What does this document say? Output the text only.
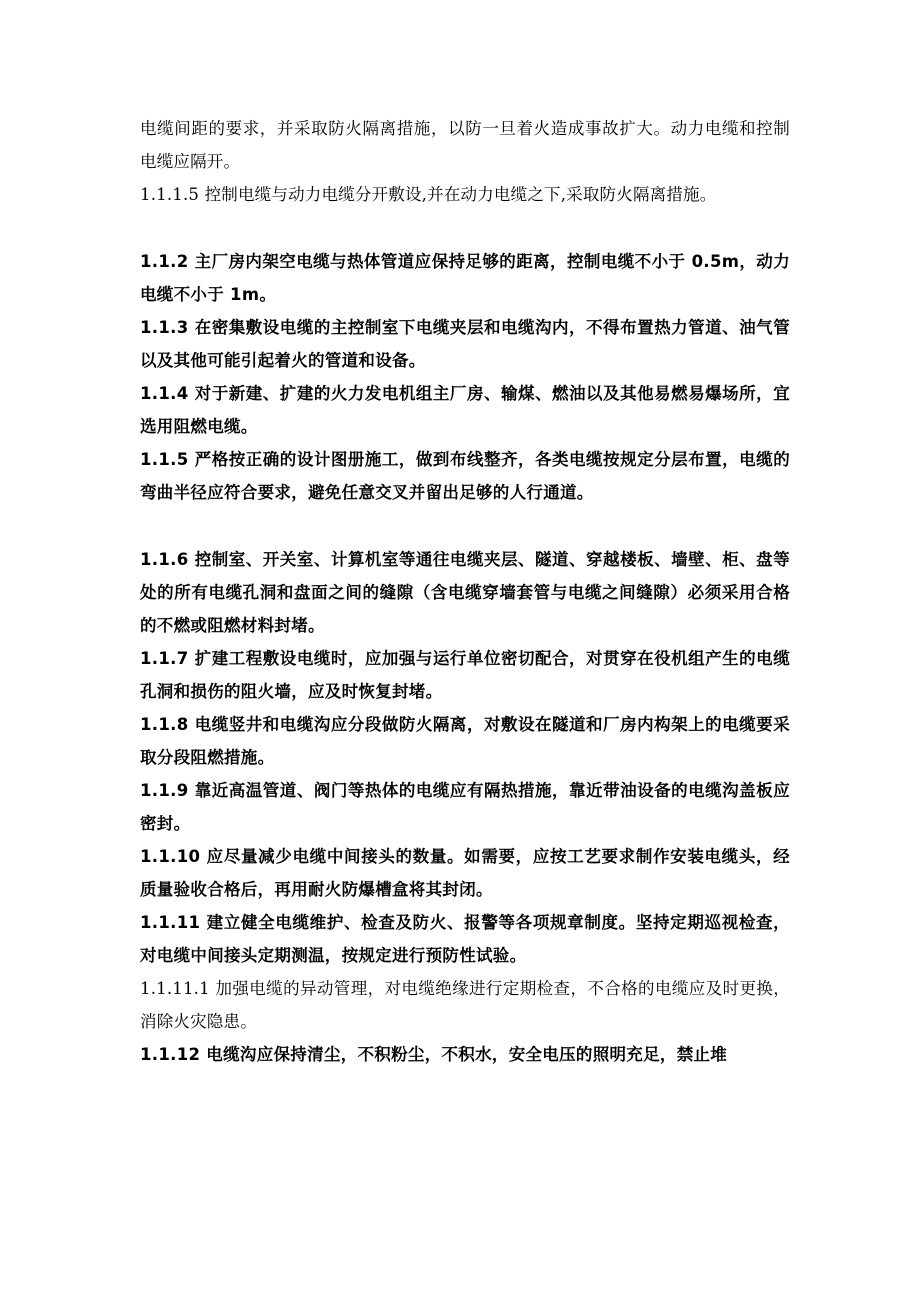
电缆间距的要求，并采取防火隔离措施，以防一旦着火造成事故扩大。动力电缆和控制电缆应隔开。

1.1.1.5 控制电缆与动力电缆分开敷设,并在动力电缆之下,采取防火隔离措施。

1.1.2 主厂房内架空电缆与热体管道应保持足够的距离，控制电缆不小于 0.5m，动力电缆不小于 1m。

1.1.3 在密集敷设电缆的主控制室下电缆夹层和电缆沟内，不得布置热力管道、油气管以及其他可能引起着火的管道和设备。

1.1.4 对于新建、扩建的火力发电机组主厂房、输煤、燃油以及其他易燃易爆场所，宜选用阻燃电缆。

1.1.5 严格按正确的设计图册施工，做到布线整齐，各类电缆按规定分层布置，电缆的弯曲半径应符合要求，避免任意交叉并留出足够的人行通道。

1.1.6 控制室、开关室、计算机室等通往电缆夹层、隧道、穿越楼板、墙壁、柜、盘等处的所有电缆孔洞和盘面之间的缝隙（含电缆穿墙套管与电缆之间缝隙）必须采用合格的不燃或阻燃材料封堵。

1.1.7 扩建工程敷设电缆时，应加强与运行单位密切配合，对贯穿在役机组产生的电缆孔洞和损伤的阻火墙，应及时恢复封堵。

1.1.8 电缆竖井和电缆沟应分段做防火隔离，对敷设在隧道和厂房内构架上的电缆要采取分段阻燃措施。

1.1.9 靠近高温管道、阀门等热体的电缆应有隔热措施，靠近带油设备的电缆沟盖板应密封。

1.1.10 应尽量减少电缆中间接头的数量。如需要，应按工艺要求制作安装电缆头，经质量验收合格后，再用耐火防爆槽盒将其封闭。

1.1.11 建立健全电缆维护、检查及防火、报警等各项规章制度。坚持定期巡视检查，对电缆中间接头定期测温，按规定进行预防性试验。

1.1.11.1 加强电缆的异动管理，对电缆绝缘进行定期检查，不合格的电缆应及时更换，消除火灾隐患。

1.1.12 电缆沟应保持清尘，不积粉尘，不积水，安全电压的照明充足，禁止堆
